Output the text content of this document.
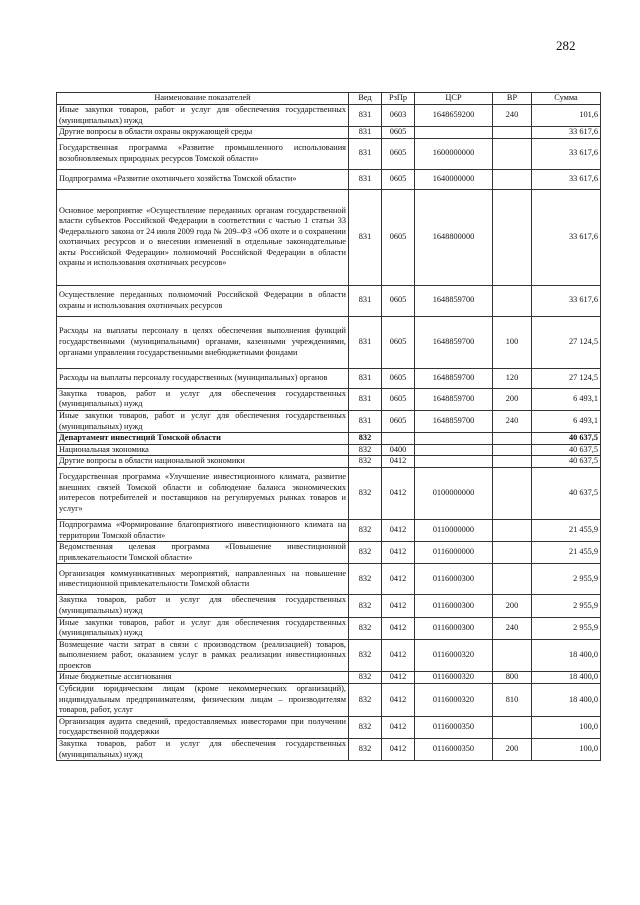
282
Наименование показателей	Вед	РзПр	ЦСР	ВР	Сумма
Иные закупки товаров, работ и услуг для обеспечения государственных (муниципальных) нужд	831	0603	1648659200	240	101,6
Другие вопросы в области охраны окружающей среды	831	0605			33 617,6
Государственная программа «Развитие промышленного использования возобновляемых природных ресурсов Томской области»	831	0605	1600000000		33 617,6
Подпрограмма «Развитие охотничьего хозяйства Томской области»	831	0605	1640000000		33 617,6
Основное мероприятие «Осуществление переданных органам государственной власти субъектов Российской Федерации в соответствии с частью 1 статьи 33 Федерального закона от 24 июля 2009 года № 209–ФЗ «Об охоте и о сохранении охотничьих ресурсов и о внесении изменений в отдельные законодательные акты Российской Федерации» полномочий Российской Федерации в области охраны и использования охотничьих ресурсов»	831	0605	1648800000		33 617,6
Осуществление переданных полномочий Российской Федерации в области охраны и использования охотничьих ресурсов	831	0605	1648859700		33 617,6
Расходы на выплаты персоналу в целях обеспечения выполнения функций государственными (муниципальными) органами, казенными учреждениями, органами управления государственными внебюджетными фондами	831	0605	1648859700	100	27 124,5
Расходы на выплаты персоналу государственных (муниципальных) органов	831	0605	1648859700	120	27 124,5
Закупка товаров, работ и услуг для обеспечения государственных (муниципальных) нужд	831	0605	1648859700	200	6 493,1
Иные закупки товаров, работ и услуг для обеспечения государственных (муниципальных) нужд	831	0605	1648859700	240	6 493,1
Департамент инвестиций Томской области	832				40 637,5
Национальная экономика	832	0400			40 637,5
Другие вопросы в области национальной экономики	832	0412			40 637,5
Государственная программа «Улучшение инвестиционного климата, развитие внешних связей Томской области и соблюдение баланса экономических интересов потребителей и поставщиков на регулируемых рынках товаров и услуг»	832	0412	0100000000		40 637,5
Подпрограмма «Формирование благоприятного инвестиционного климата на территории Томской области»	832	0412	0110000000		21 455,9
Ведомственная целевая программа «Повышение инвестиционной привлекательности Томской области»	832	0412	0116000000		21 455,9
Организация коммуникативных мероприятий, направленных на повышение инвестиционной привлекательности Томской области	832	0412	0116000300		2 955,9
Закупка товаров, работ и услуг для обеспечения государственных (муниципальных) нужд	832	0412	0116000300	200	2 955,9
Иные закупки товаров, работ и услуг для обеспечения государственных (муниципальных) нужд	832	0412	0116000300	240	2 955,9
Возмещение части затрат в связи с производством (реализацией) товаров, выполнением работ, оказанием услуг в рамках реализации инвестиционных проектов	832	0412	0116000320		18 400,0
Иные бюджетные ассигнования	832	0412	0116000320	800	18 400,0
Субсидии юридическим лицам (кроме некоммерческих организаций), индивидуальным предпринимателям, физическим лицам – производителям товаров, работ, услуг	832	0412	0116000320	810	18 400,0
Организация аудита сведений, предоставляемых инвесторами при получении государственной поддержки	832	0412	0116000350		100,0
Закупка товаров, работ и услуг для обеспечения государственных (муниципальных) нужд	832	0412	0116000350	200	100,0
